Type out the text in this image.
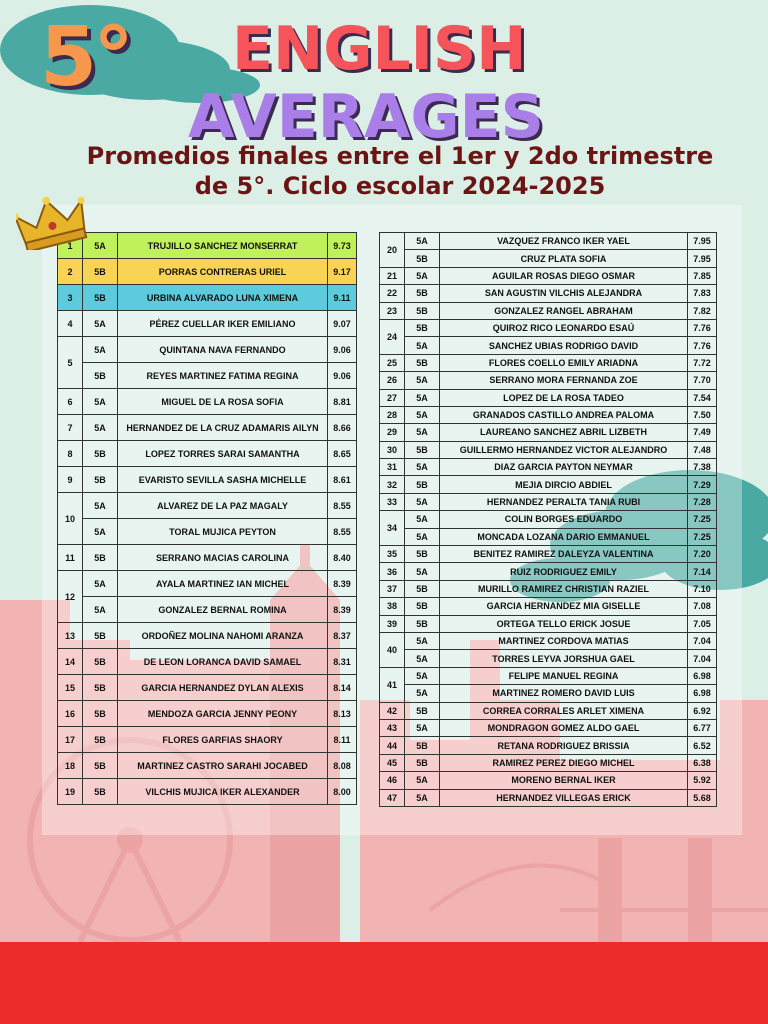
5° ENGLISH
AVERAGES
Promedios finales entre el 1er y 2do trimestre
de 5°. Ciclo escolar 2024-2025
1	5A	TRUJILLO SANCHEZ MONSERRAT	9.73
2	5B	PORRAS CONTRERAS URIEL	9.17
3	5B	URBINA ALVARADO LUNA XIMENA	9.11
4	5A	PÉREZ CUELLAR IKER EMILIANO	9.07
5	5A	QUINTANA NAVA FERNANDO	9.06
	5B	REYES MARTINEZ FATIMA REGINA	9.06
6	5A	MIGUEL DE LA ROSA SOFIA	8.81
7	5A	HERNANDEZ DE LA CRUZ ADAMARIS AILYN	8.66
8	5B	LOPEZ TORRES SARAI SAMANTHA	8.65
9	5B	EVARISTO SEVILLA SASHA MICHELLE	8.61
10	5A	ALVAREZ DE LA PAZ MAGALY	8.55
	5A	TORAL MUJICA PEYTON	8.55
11	5B	SERRANO MACIAS CAROLINA	8.40
12	5A	AYALA MARTINEZ IAN MICHEL	8.39
	5A	GONZALEZ BERNAL ROMINA	8.39
13	5B	ORDOÑEZ MOLINA NAHOMI ARANZA	8.37
14	5B	DE LEON LORANCA DAVID SAMAEL	8.31
15	5B	GARCIA HERNANDEZ DYLAN ALEXIS	8.14
16	5B	MENDOZA GARCIA JENNY PEONY	8.13
17	5B	FLORES GARFIAS SHAORY	8.11
18	5B	MARTINEZ CASTRO SARAHI JOCABED	8.08
19	5B	VILCHIS MUJICA IKER ALEXANDER	8.00
20	5A	VAZQUEZ FRANCO IKER YAEL	7.95
	5B	CRUZ PLATA SOFIA	7.95
21	5A	AGUILAR ROSAS DIEGO OSMAR	7.85
22	5B	SAN AGUSTIN VILCHIS ALEJANDRA	7.83
23	5B	GONZALEZ RANGEL ABRAHAM	7.82
24	5B	QUIROZ RICO LEONARDO ESAÚ	7.76
	5A	SANCHEZ UBIAS RODRIGO DAVID	7.76
25	5B	FLORES COELLO EMILY ARIADNA	7.72
26	5A	SERRANO MORA FERNANDA ZOE	7.70
27	5A	LOPEZ DE LA ROSA TADEO	7.54
28	5A	GRANADOS CASTILLO ANDREA PALOMA	7.50
29	5A	LAUREANO SANCHEZ ABRIL LIZBETH	7.49
30	5B	GUILLERMO HERNANDEZ VICTOR ALEJANDRO	7.48
31	5A	DIAZ GARCIA PAYTON NEYMAR	7.38
32	5B	MEJIA DIRCIO ABDIEL	7.29
33	5A	HERNANDEZ PERALTA TANIA RUBI	7.28
34	5A	COLIN BORGES EDUARDO	7.25
	5A	MONCADA LOZANA DARIO EMMANUEL	7.25
35	5B	BENITEZ RAMIREZ DALEYZA VALENTINA	7.20
36	5A	RUIZ RODRIGUEZ EMILY	7.14
37	5B	MURILLO RAMIREZ CHRISTIAN RAZIEL	7.10
38	5B	GARCIA HERNANDEZ MIA GISELLE	7.08
39	5B	ORTEGA TELLO ERICK JOSUE	7.05
40	5A	MARTINEZ CORDOVA MATIAS	7.04
	5A	TORRES LEYVA JORSHUA GAEL	7.04
41	5A	FELIPE MANUEL REGINA	6.98
	5A	MARTINEZ ROMERO DAVID LUIS	6.98
42	5B	CORREA CORRALES ARLET XIMENA	6.92
43	5A	MONDRAGON GOMEZ ALDO GAEL	6.77
44	5B	RETANA RODRIGUEZ BRISSIA	6.52
45	5B	RAMIREZ PEREZ DIEGO MICHEL	6.38
46	5A	MORENO BERNAL IKER	5.92
47	5A	HERNANDEZ VILLEGAS ERICK	5.68
